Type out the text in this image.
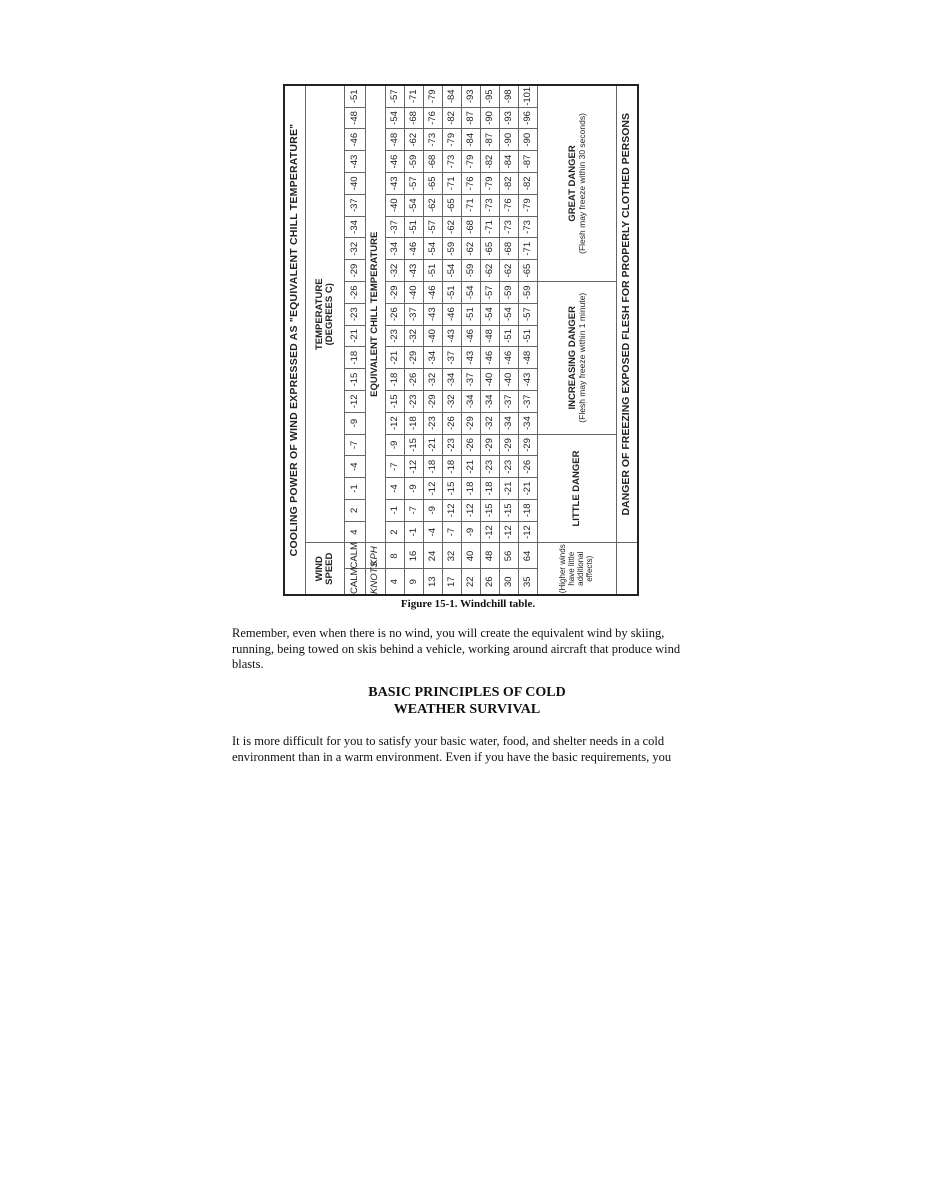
COOLING POWER OF WIND EXPRESSED AS "EQUIVALENT CHILL TEMPERATURE"																						
WIND SPEED		TEMPERATURE
(DEGREES C)																				
CALM	CALM	4	2	-1	-4	-7	-9	-12	-15	-18	-21	-23	-26	-29	-32	-34	-37	-40	-43	-46	-48	-51
KNOTS	KPH	EQUIVALENT CHILL TEMPERATURE																				
4	8	2	-1	-4	-7	-9	-12	-15	-18	-21	-23	-26	-29	-32	-34	-37	-40	-43	-46	-48	-54	-57
9	16	-1	-7	-9	-12	-15	-18	-23	-26	-29	-32	-37	-40	-43	-46	-51	-54	-57	-59	-62	-68	-71
13	24	-4	-9	-12	-18	-21	-23	-29	-32	-34	-40	-43	-46	-51	-54	-57	-62	-65	-68	-73	-76	-79
17	32	-7	-12	-15	-18	-23	-26	-32	-34	-37	-43	-46	-51	-54	-59	-62	-65	-71	-73	-79	-82	-84
22	40	-9	-12	-18	-21	-26	-29	-34	-37	-43	-46	-51	-54	-59	-62	-68	-71	-76	-79	-84	-87	-93
26	48	-12	-15	-18	-23	-29	-32	-34	-40	-46	-48	-54	-57	-62	-65	-71	-73	-79	-82	-87	-90	-95
30	56	-12	-15	-21	-23	-29	-34	-37	-40	-46	-51	-54	-59	-62	-68	-73	-76	-82	-84	-90	-93	-98
35	64	-12	-18	-21	-26	-29	-34	-37	-43	-48	-51	-57	-59	-65	-71	-73	-79	-82	-87	-90	-96	-101
(Higher winds have little additional effects)		LITTLE DANGER					INCREASING DANGER
(Flesh may freeze within 1 minute)							GREAT DANGER
(Flesh may freeze within 30 seconds)								

		DANGER OF FREEZING EXPOSED FLESH FOR PROPERLY CLOTHED PERSONS																				
Figure 15-1. Windchill table.

Remember, even when there is no wind, you will create the equivalent wind by skiing, running, being towed on skis behind a vehicle, working around aircraft that produce wind blasts.

BASIC PRINCIPLES OF COLD
WEATHER SURVIVAL

It is more difficult for you to satisfy your basic water, food, and shelter needs in a cold environment than in a warm environment. Even if you have the basic requirements, you
